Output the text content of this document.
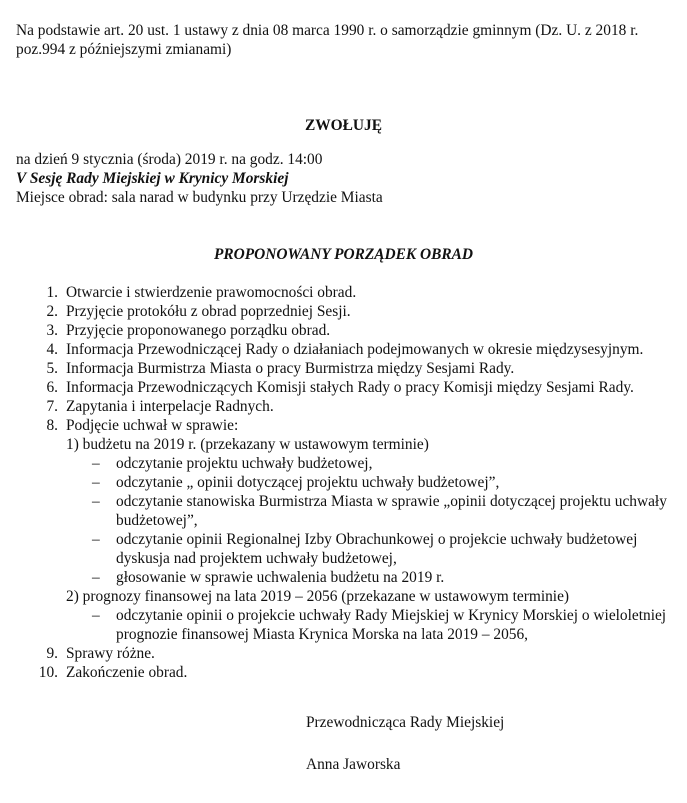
Na podstawie art. 20 ust. 1 ustawy z dnia 08 marca 1990 r. o samorządzie gminnym (Dz. U. z 2018 r. poz.994 z późniejszymi zmianami)
ZWOŁUJĘ
na dzień 9 stycznia (środa) 2019 r. na godz. 14:00
V Sesję Rady Miejskiej w Krynicy Morskiej
Miejsce obrad: sala narad w budynku przy Urzędzie Miasta
PROPONOWANY PORZĄDEK OBRAD
1. Otwarcie i stwierdzenie prawomocności obrad.
2. Przyjęcie protokółu z obrad poprzedniej Sesji.
3. Przyjęcie proponowanego porządku obrad.
4. Informacja Przewodniczącej Rady o działaniach podejmowanych w okresie międzysesyjnym.
5. Informacja Burmistrza Miasta o pracy Burmistrza między Sesjami Rady.
6. Informacja Przewodniczących Komisji stałych Rady o pracy Komisji między Sesjami Rady.
7. Zapytania i interpelacje Radnych.
8. Podjęcie uchwał w sprawie:
1) budżetu na 2019 r. (przekazany w ustawowym terminie)
– odczytanie projektu uchwały budżetowej,
– odczytanie „ opinii dotyczącej projektu uchwały budżetowej”,
– odczytanie stanowiska Burmistrza Miasta w sprawie „opinii dotyczącej projektu uchwały budżetowej”,
– odczytanie opinii Regionalnej Izby Obrachunkowej o projekcie uchwały budżetowej dyskusja nad projektem uchwały budżetowej,
– głosowanie w sprawie uchwalenia budżetu na 2019 r.
2) prognozy finansowej na lata 2019 – 2056 (przekazane w ustawowym terminie)
– odczytanie opinii o projekcie uchwały Rady Miejskiej w Krynicy Morskiej o wieloletniej prognozie finansowej Miasta Krynica Morska na lata 2019 – 2056,
9. Sprawy różne.
10. Zakończenie obrad.
Przewodnicząca Rady Miejskiej
Anna Jaworska
